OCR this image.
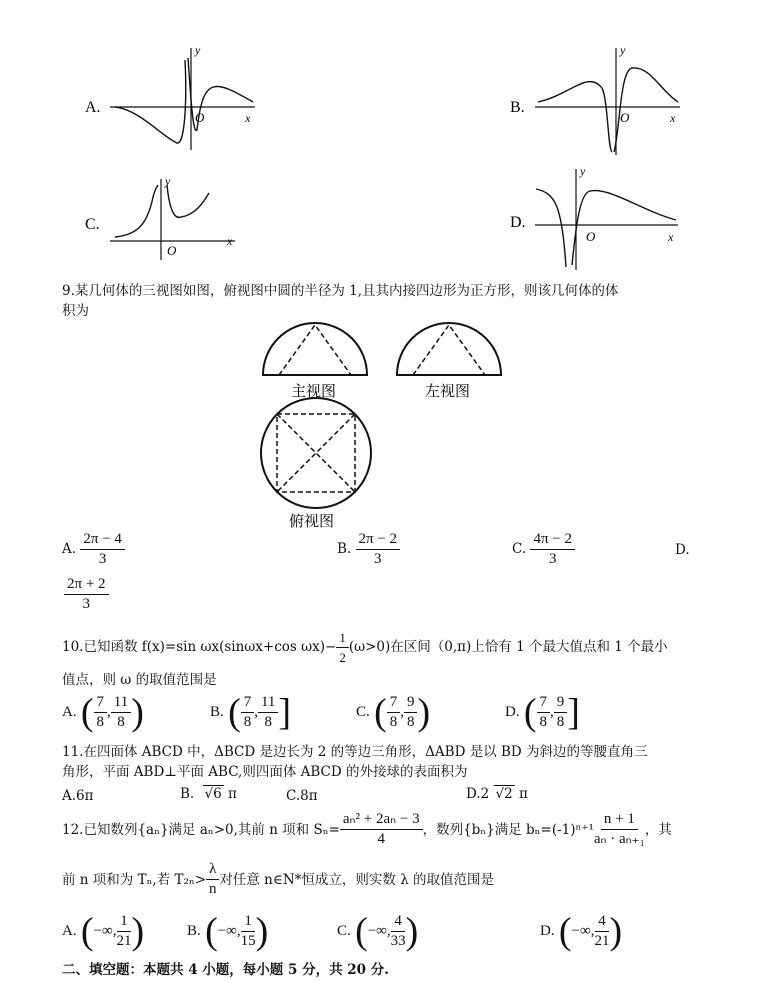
A.
y
O	x
B.
y
O	x
C.
y
O
x
D.
y
O	x
9.某几何体的三视图如图，俯视图中圆的半径为 1,且其内接四边形为正方形，则该几何体的体
积为
主视图	左视图
俯视图
A. $\frac{2\pi - 4}{3}$	B. $\frac{2\pi - 2}{3}$	C. $\frac{4\pi - 2}{3}$	D.
$\frac{2\pi + 2}{3}$
10.已知函数 f(x)=sin ωx(sinωx+cos $\omega x)- \frac{1}{2} (\omega>0)$在区间（0,π)上恰有 1 个最大值点和 1 个最小
值点，则 ω 的取值范围是
A. ( $\frac{7}{8}$ , $\frac{11}{8}$ )	B. ( $\frac{7}{8}$ , $\frac{11}{8}$ ]	C. ( $\frac{7}{8}$ , $\frac{9}{8}$ )	D. ( $\frac{7}{8}$ , $\frac{9}{8}$ ]
11.在四面体 ABCD 中，ΔBCD 是边长为 2 的等边三角形，ΔABD 是以 BD 为斜边的等腰直角三
角形，平面 ABD⊥平面 ABC,则四面体 ABCD 的外接球的表面积为
A.6π	B. √6 π	C.8π	D.2 √2 π
12.已知数列{aₙ}满足 aₙ>0,其前 n 项和 $S_n= \frac{\text{aₙ² + 2aₙ − 3}}{4}$ ，数列{bₙ}满足 $b_n=(-1)^{n+1} \frac{n + 1}{\text{aₙ · aₙ₊₁}}$ ，其
前 n 项和为 Tₙ,若 $T_{2n}> \frac{\lambda}{n}$ 对任意 n∈N*恒成立，则实数 λ 的取值范围是
A. (−∞, $\frac{1}{21}$ )	B. (−∞, $\frac{1}{15}$ )	C. (−∞, $\frac{4}{33}$ )	D. (−∞, $\frac{4}{21}$ )
二、填空题：本题共 4 小题，每小题 5 分，共 20 分.
